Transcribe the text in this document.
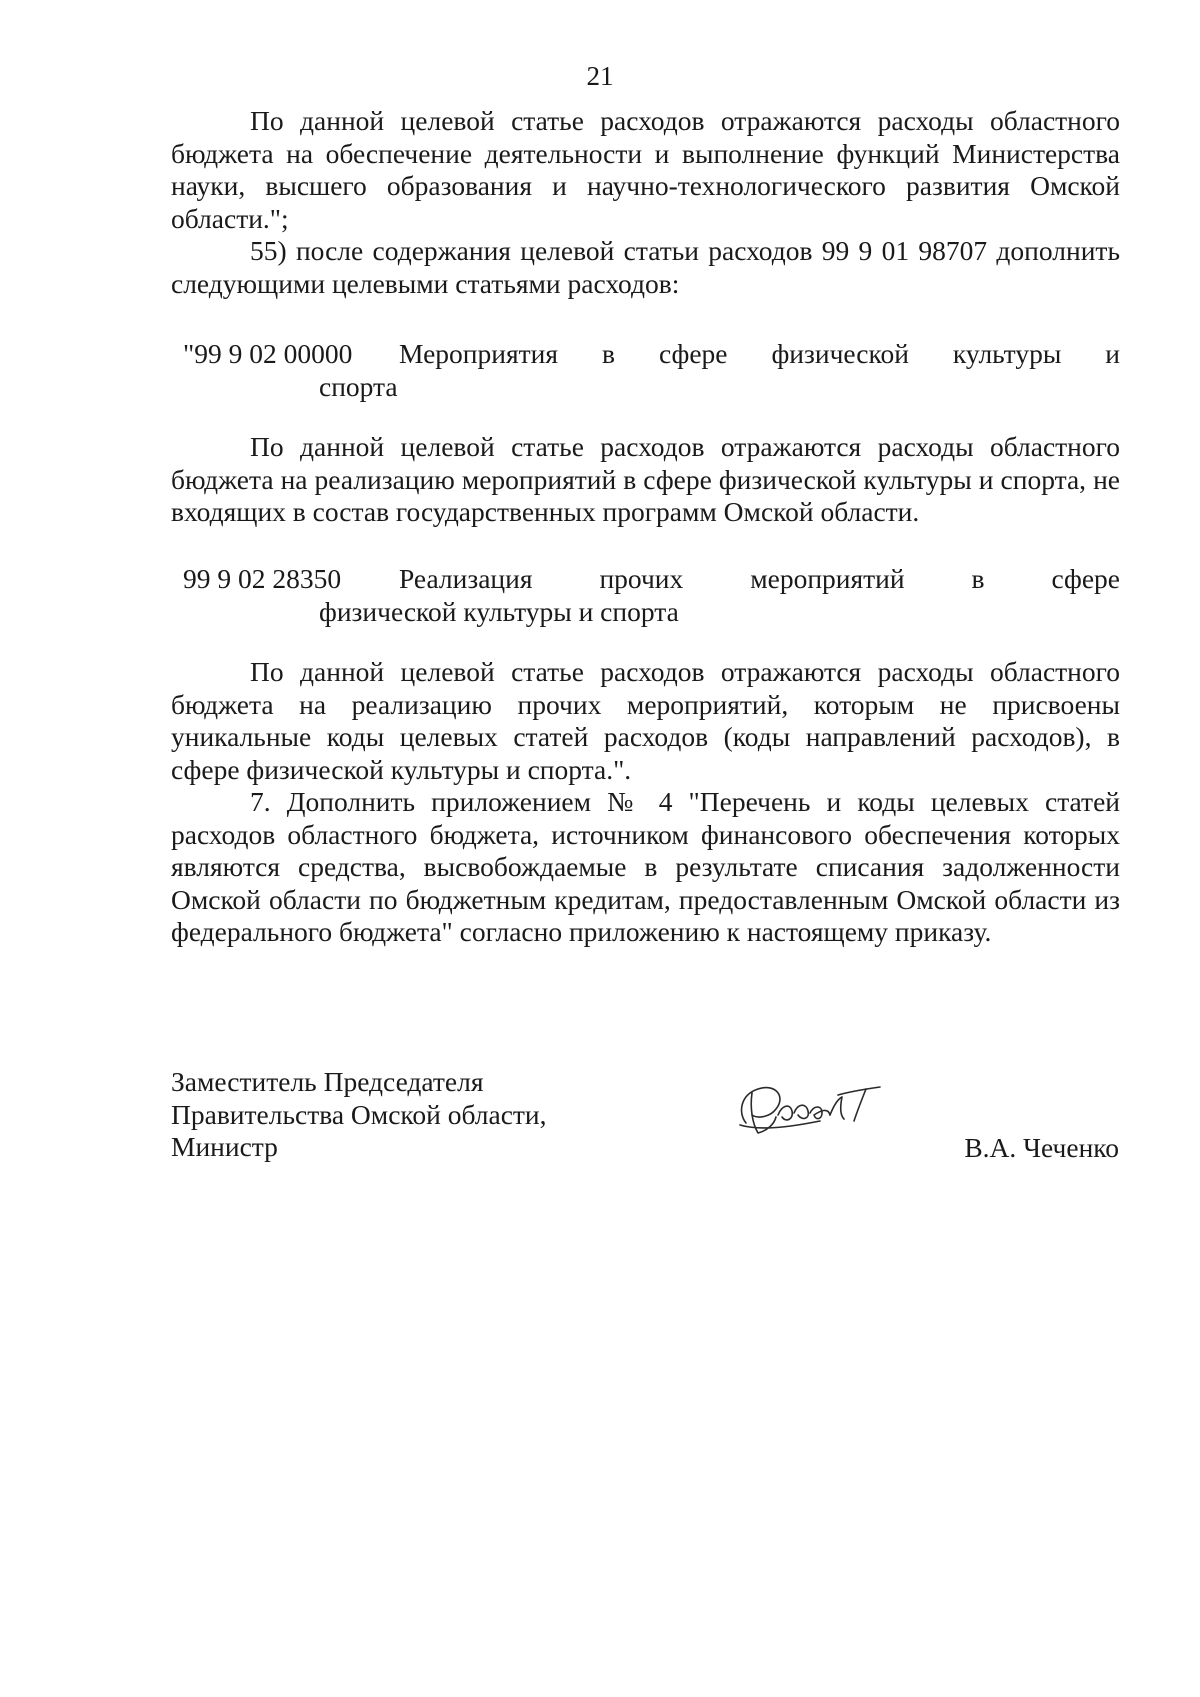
21

По данной целевой статье расходов отражаются расходы областного бюджета на обеспечение деятельности и выполнение функций Министерства науки, высшего образования и научно-технологического развития Омской области.";

55) после содержания целевой статьи расходов 99 9 01 98707 дополнить следующими целевыми статьями расходов:

"99 9 02 00000 Мероприятия в сфере физической культуры и
спорта

По данной целевой статье расходов отражаются расходы областного бюджета на реализацию мероприятий в сфере физической культуры и спорта, не входящих в состав государственных программ Омской области.

99 9 02 28350 Реализация прочих мероприятий в сфере
физической культуры и спорта

По данной целевой статье расходов отражаются расходы областного бюджета на реализацию прочих мероприятий, которым не присвоены уникальные коды целевых статей расходов (коды направлений расходов), в сфере физической культуры и спорта.".

7. Дополнить приложением № 4 "Перечень и коды целевых статей расходов областного бюджета, источником финансового обеспечения которых являются средства, высвобождаемые в результате списания задолженности Омской области по бюджетным кредитам, предоставленным Омской области из федерального бюджета" согласно приложению к настоящему приказу.

Заместитель Председателя
Правительства Омской области,
Министр	В.А. Чеченко
